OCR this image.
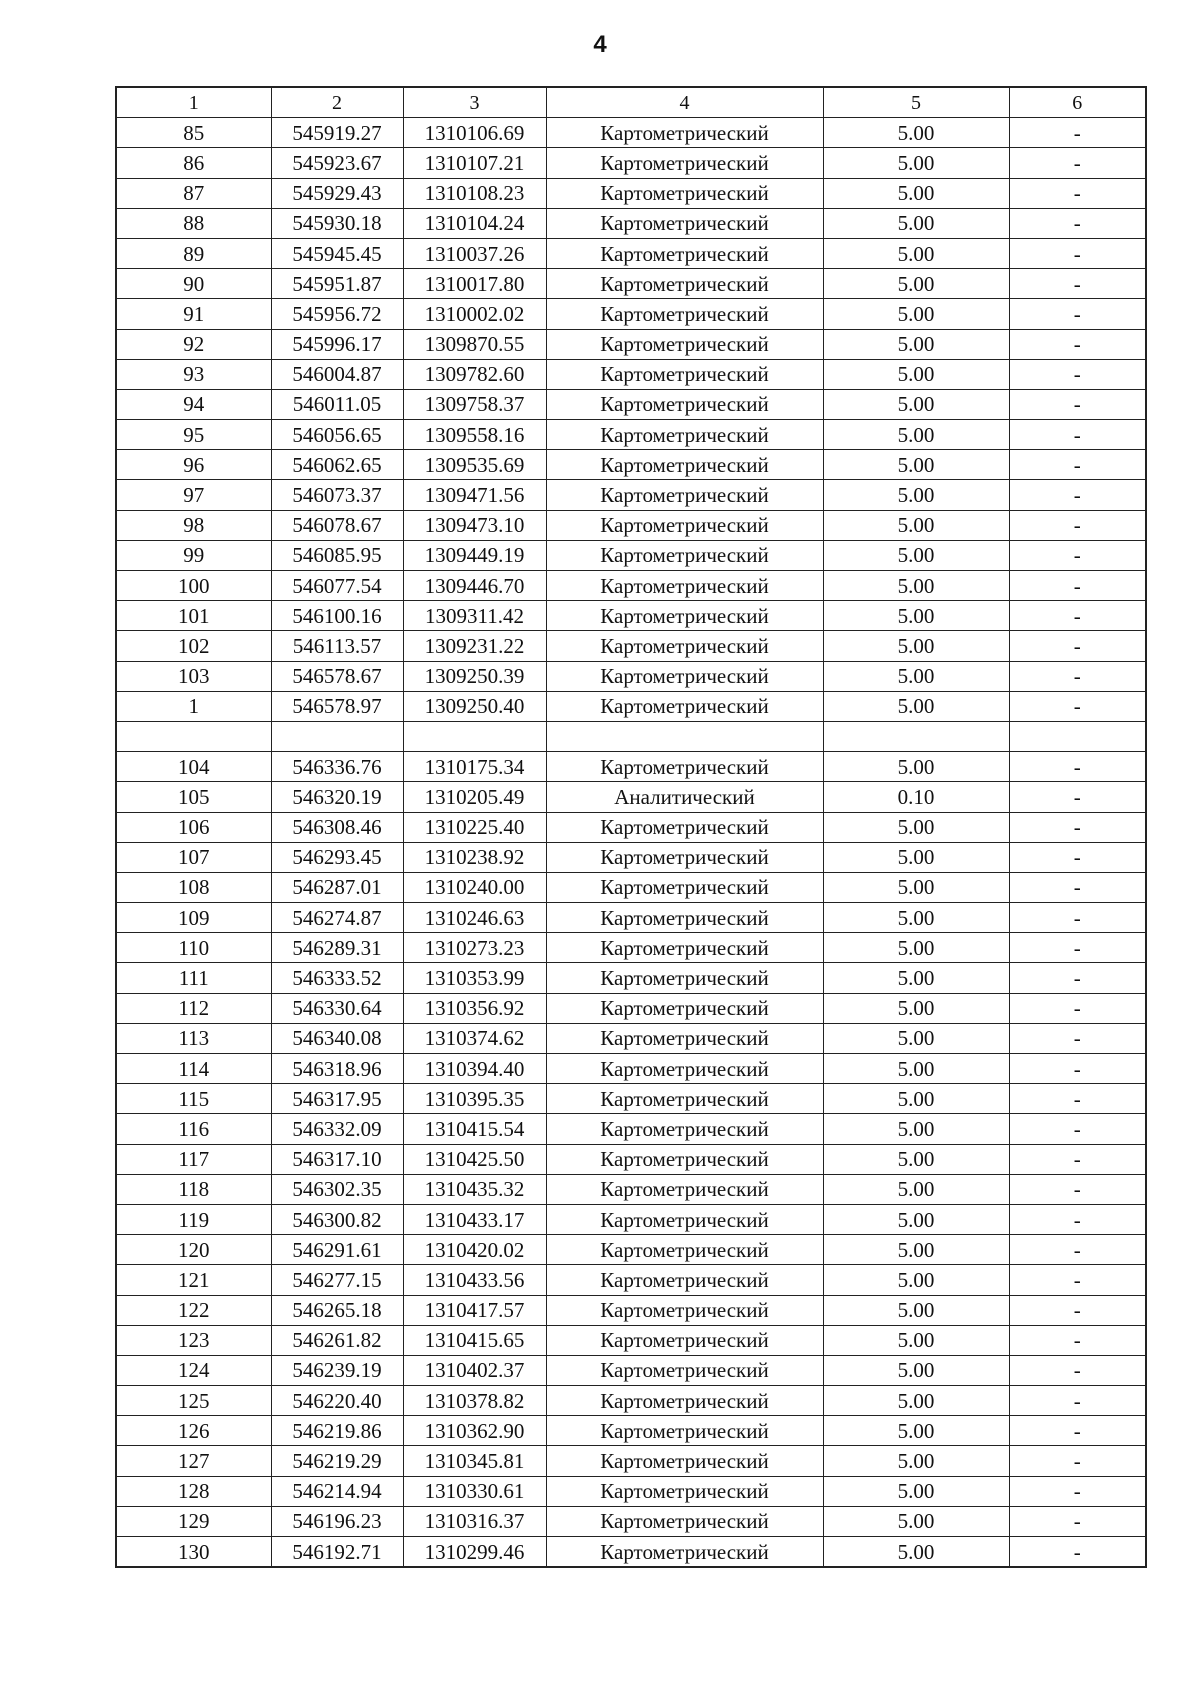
4
1	2	3	4	5	6
85	545919.27	1310106.69	Картометрический	5.00	-
86	545923.67	1310107.21	Картометрический	5.00	-
87	545929.43	1310108.23	Картометрический	5.00	-
88	545930.18	1310104.24	Картометрический	5.00	-
89	545945.45	1310037.26	Картометрический	5.00	-
90	545951.87	1310017.80	Картометрический	5.00	-
91	545956.72	1310002.02	Картометрический	5.00	-
92	545996.17	1309870.55	Картометрический	5.00	-
93	546004.87	1309782.60	Картометрический	5.00	-
94	546011.05	1309758.37	Картометрический	5.00	-
95	546056.65	1309558.16	Картометрический	5.00	-
96	546062.65	1309535.69	Картометрический	5.00	-
97	546073.37	1309471.56	Картометрический	5.00	-
98	546078.67	1309473.10	Картометрический	5.00	-
99	546085.95	1309449.19	Картометрический	5.00	-
100	546077.54	1309446.70	Картометрический	5.00	-
101	546100.16	1309311.42	Картометрический	5.00	-
102	546113.57	1309231.22	Картометрический	5.00	-
103	546578.67	1309250.39	Картометрический	5.00	-
1	546578.97	1309250.40	Картометрический	5.00	-

104	546336.76	1310175.34	Картометрический	5.00	-
105	546320.19	1310205.49	Аналитический	0.10	-
106	546308.46	1310225.40	Картометрический	5.00	-
107	546293.45	1310238.92	Картометрический	5.00	-
108	546287.01	1310240.00	Картометрический	5.00	-
109	546274.87	1310246.63	Картометрический	5.00	-
110	546289.31	1310273.23	Картометрический	5.00	-
111	546333.52	1310353.99	Картометрический	5.00	-
112	546330.64	1310356.92	Картометрический	5.00	-
113	546340.08	1310374.62	Картометрический	5.00	-
114	546318.96	1310394.40	Картометрический	5.00	-
115	546317.95	1310395.35	Картометрический	5.00	-
116	546332.09	1310415.54	Картометрический	5.00	-
117	546317.10	1310425.50	Картометрический	5.00	-
118	546302.35	1310435.32	Картометрический	5.00	-
119	546300.82	1310433.17	Картометрический	5.00	-
120	546291.61	1310420.02	Картометрический	5.00	-
121	546277.15	1310433.56	Картометрический	5.00	-
122	546265.18	1310417.57	Картометрический	5.00	-
123	546261.82	1310415.65	Картометрический	5.00	-
124	546239.19	1310402.37	Картометрический	5.00	-
125	546220.40	1310378.82	Картометрический	5.00	-
126	546219.86	1310362.90	Картометрический	5.00	-
127	546219.29	1310345.81	Картометрический	5.00	-
128	546214.94	1310330.61	Картометрический	5.00	-
129	546196.23	1310316.37	Картометрический	5.00	-
130	546192.71	1310299.46	Картометрический	5.00	-
